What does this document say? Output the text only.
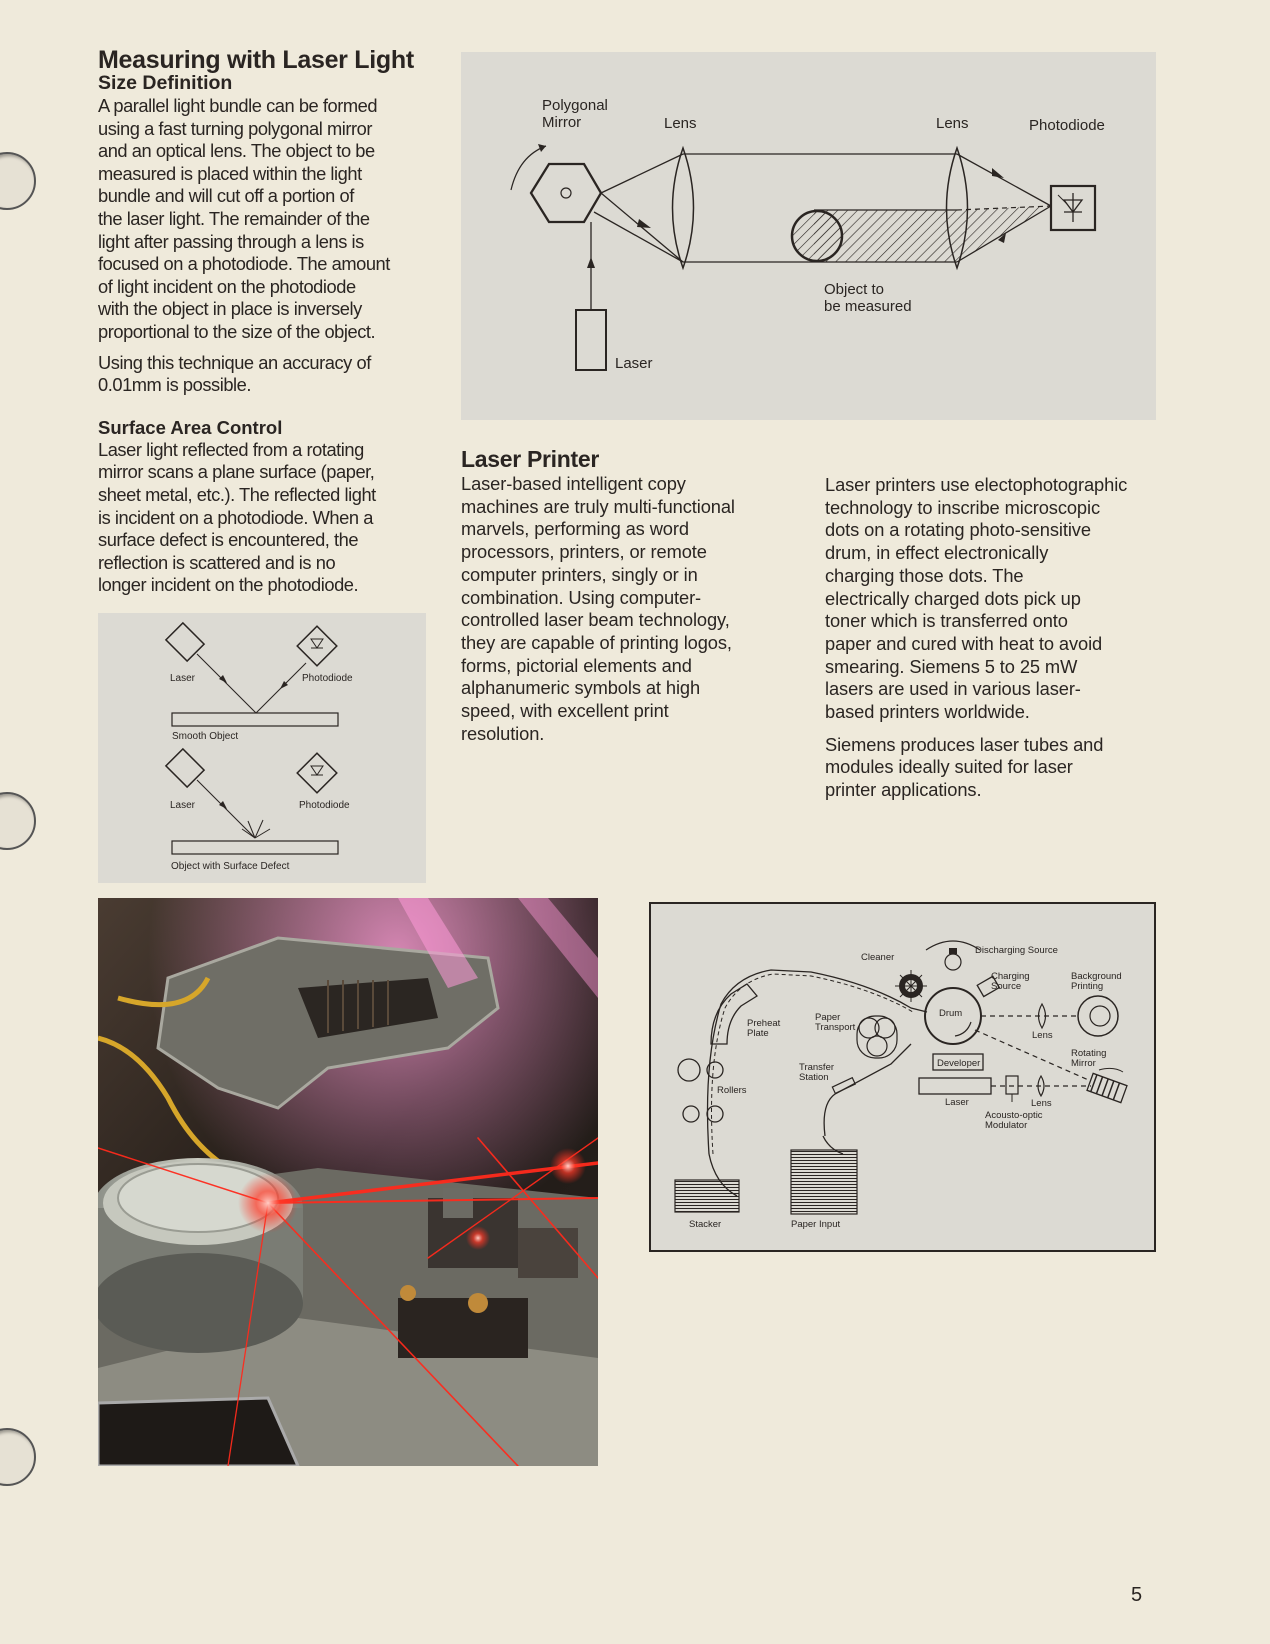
Measuring with Laser Light
Size Definition
A parallel light bundle can be formed
using a fast turning polygonal mirror
and an optical lens. The object to be
measured is placed within the light
bundle and will cut off a portion of
the laser light. The remainder of the
light after passing through a lens is
focused on a photodiode. The amount
of light incident on the photodiode
with the object in place is inversely
proportional to the size of the object.
Using this technique an accuracy of
0.01mm is possible.
Surface Area Control
Laser light reflected from a rotating
mirror scans a plane surface (paper,
sheet metal, etc.). The reflected light
is incident on a photodiode. When a
surface defect is encountered, the
reflection is scattered and is no
longer incident on the photodiode.
Polygonal
Mirror	Lens	Lens	Photodiode
Object to
be measured
Laser
Laser	Photodiode
Smooth Object
Laser	Photodiode
Object with Surface Defect
Laser Printer
Laser-based intelligent copy
machines are truly multi-functional
marvels, performing as word
processors, printers, or remote
computer printers, singly or in
combination. Using computer-
controlled laser beam technology,
they are capable of printing logos,
forms, pictorial elements and
alphanumeric symbols at high
speed, with excellent print
resolution.
Laser printers use electophotographic
technology to inscribe microscopic
dots on a rotating photo-sensitive
drum, in effect electronically
charging those dots. The
electrically charged dots pick up
toner which is transferred onto
paper and cured with heat to avoid
smearing. Siemens 5 to 25 mW
lasers are used in various laser-
based printers worldwide.
Siemens produces laser tubes and
modules ideally suited for laser
printer applications.
Discharging Source
Cleaner
Charging
Source
Background
Printing
Drum
Lens
Preheat
Plate
Paper
Transport
Developer
Rotating
Mirror
Transfer
Station
Rollers
Laser	Lens
Acousto-optic
Modulator
Stacker	Paper Input
5
